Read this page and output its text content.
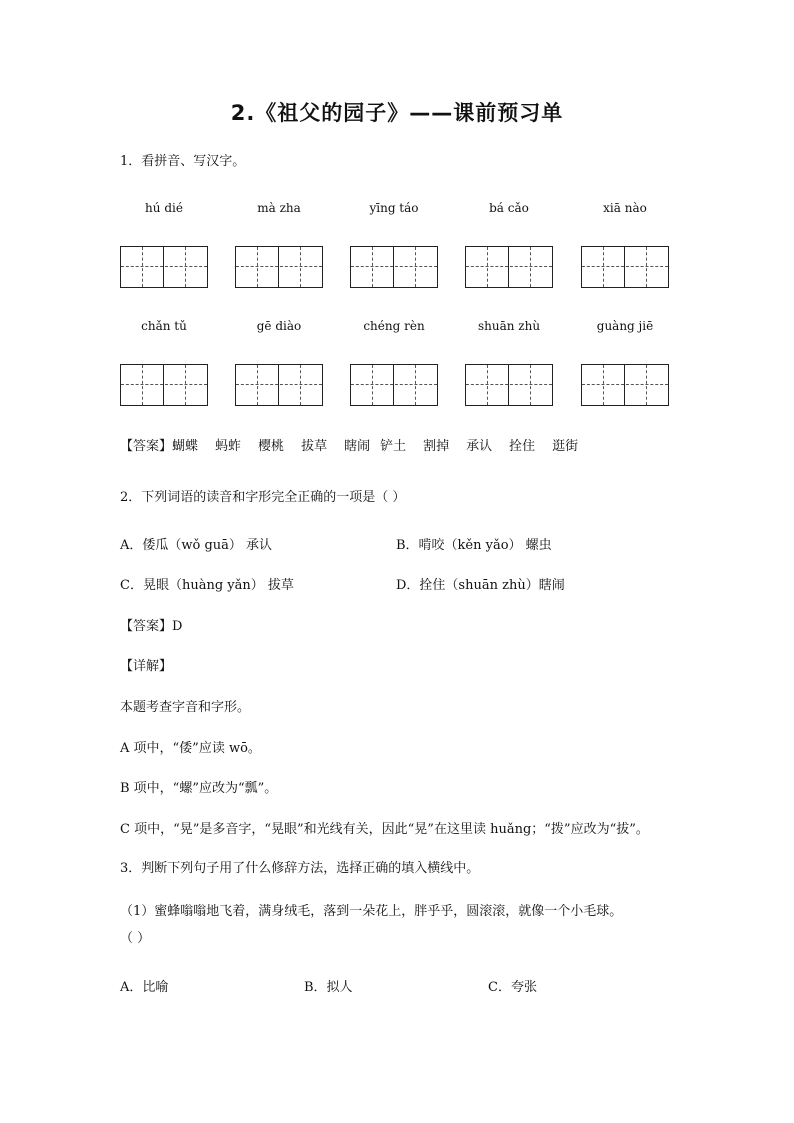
2.《祖父的园子》——课前预习单
1．看拼音、写汉字。
hú dié	mà zha	yīng táo	bá cǎo	xiā nào
chǎn tǔ	gē diào	chéng rèn	shuān zhù	guàng jiē
【答案】蝴蝶 蚂蚱 樱桃 拔草 瞎闹 铲土 割掉 承认 拴住 逛街
2．下列词语的读音和字形完全正确的一项是（ ）
A．倭瓜（wǒ guā） 承认	B．啃咬（kěn yǎo） 螺虫
C．晃眼（huàng yǎn） 拔草	D．拴住（shuān zhù）瞎闹
【答案】D
【详解】
本题考查字音和字形。
A 项中，“倭”应读 wō。
B 项中，“螺”应改为“瓢”。
C 项中，“晃”是多音字，“晃眼”和光线有关，因此“晃”在这里读 huǎng；“拨”应改为“拔”。
3．判断下列句子用了什么修辞方法，选择正确的填入横线中。
（1）蜜蜂嗡嗡地飞着，满身绒毛，落到一朵花上，胖乎乎，圆滚滚，就像一个小毛球。
（ ）
A．比喻	B．拟人	C．夸张
